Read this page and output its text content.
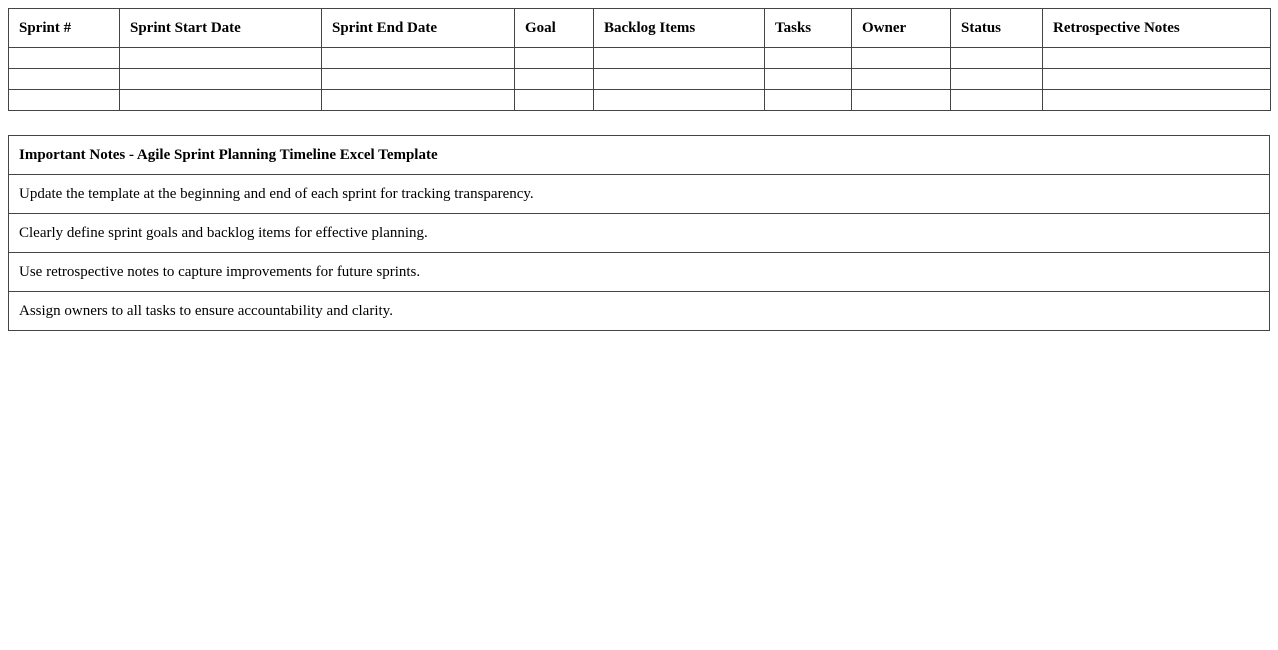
Sprint #	Sprint Start Date	Sprint End Date	Goal	Backlog Items	Tasks	Owner	Status	Retrospective Notes

Important Notes - Agile Sprint Planning Timeline Excel Template
Update the template at the beginning and end of each sprint for tracking transparency.
Clearly define sprint goals and backlog items for effective planning.
Use retrospective notes to capture improvements for future sprints.
Assign owners to all tasks to ensure accountability and clarity.
